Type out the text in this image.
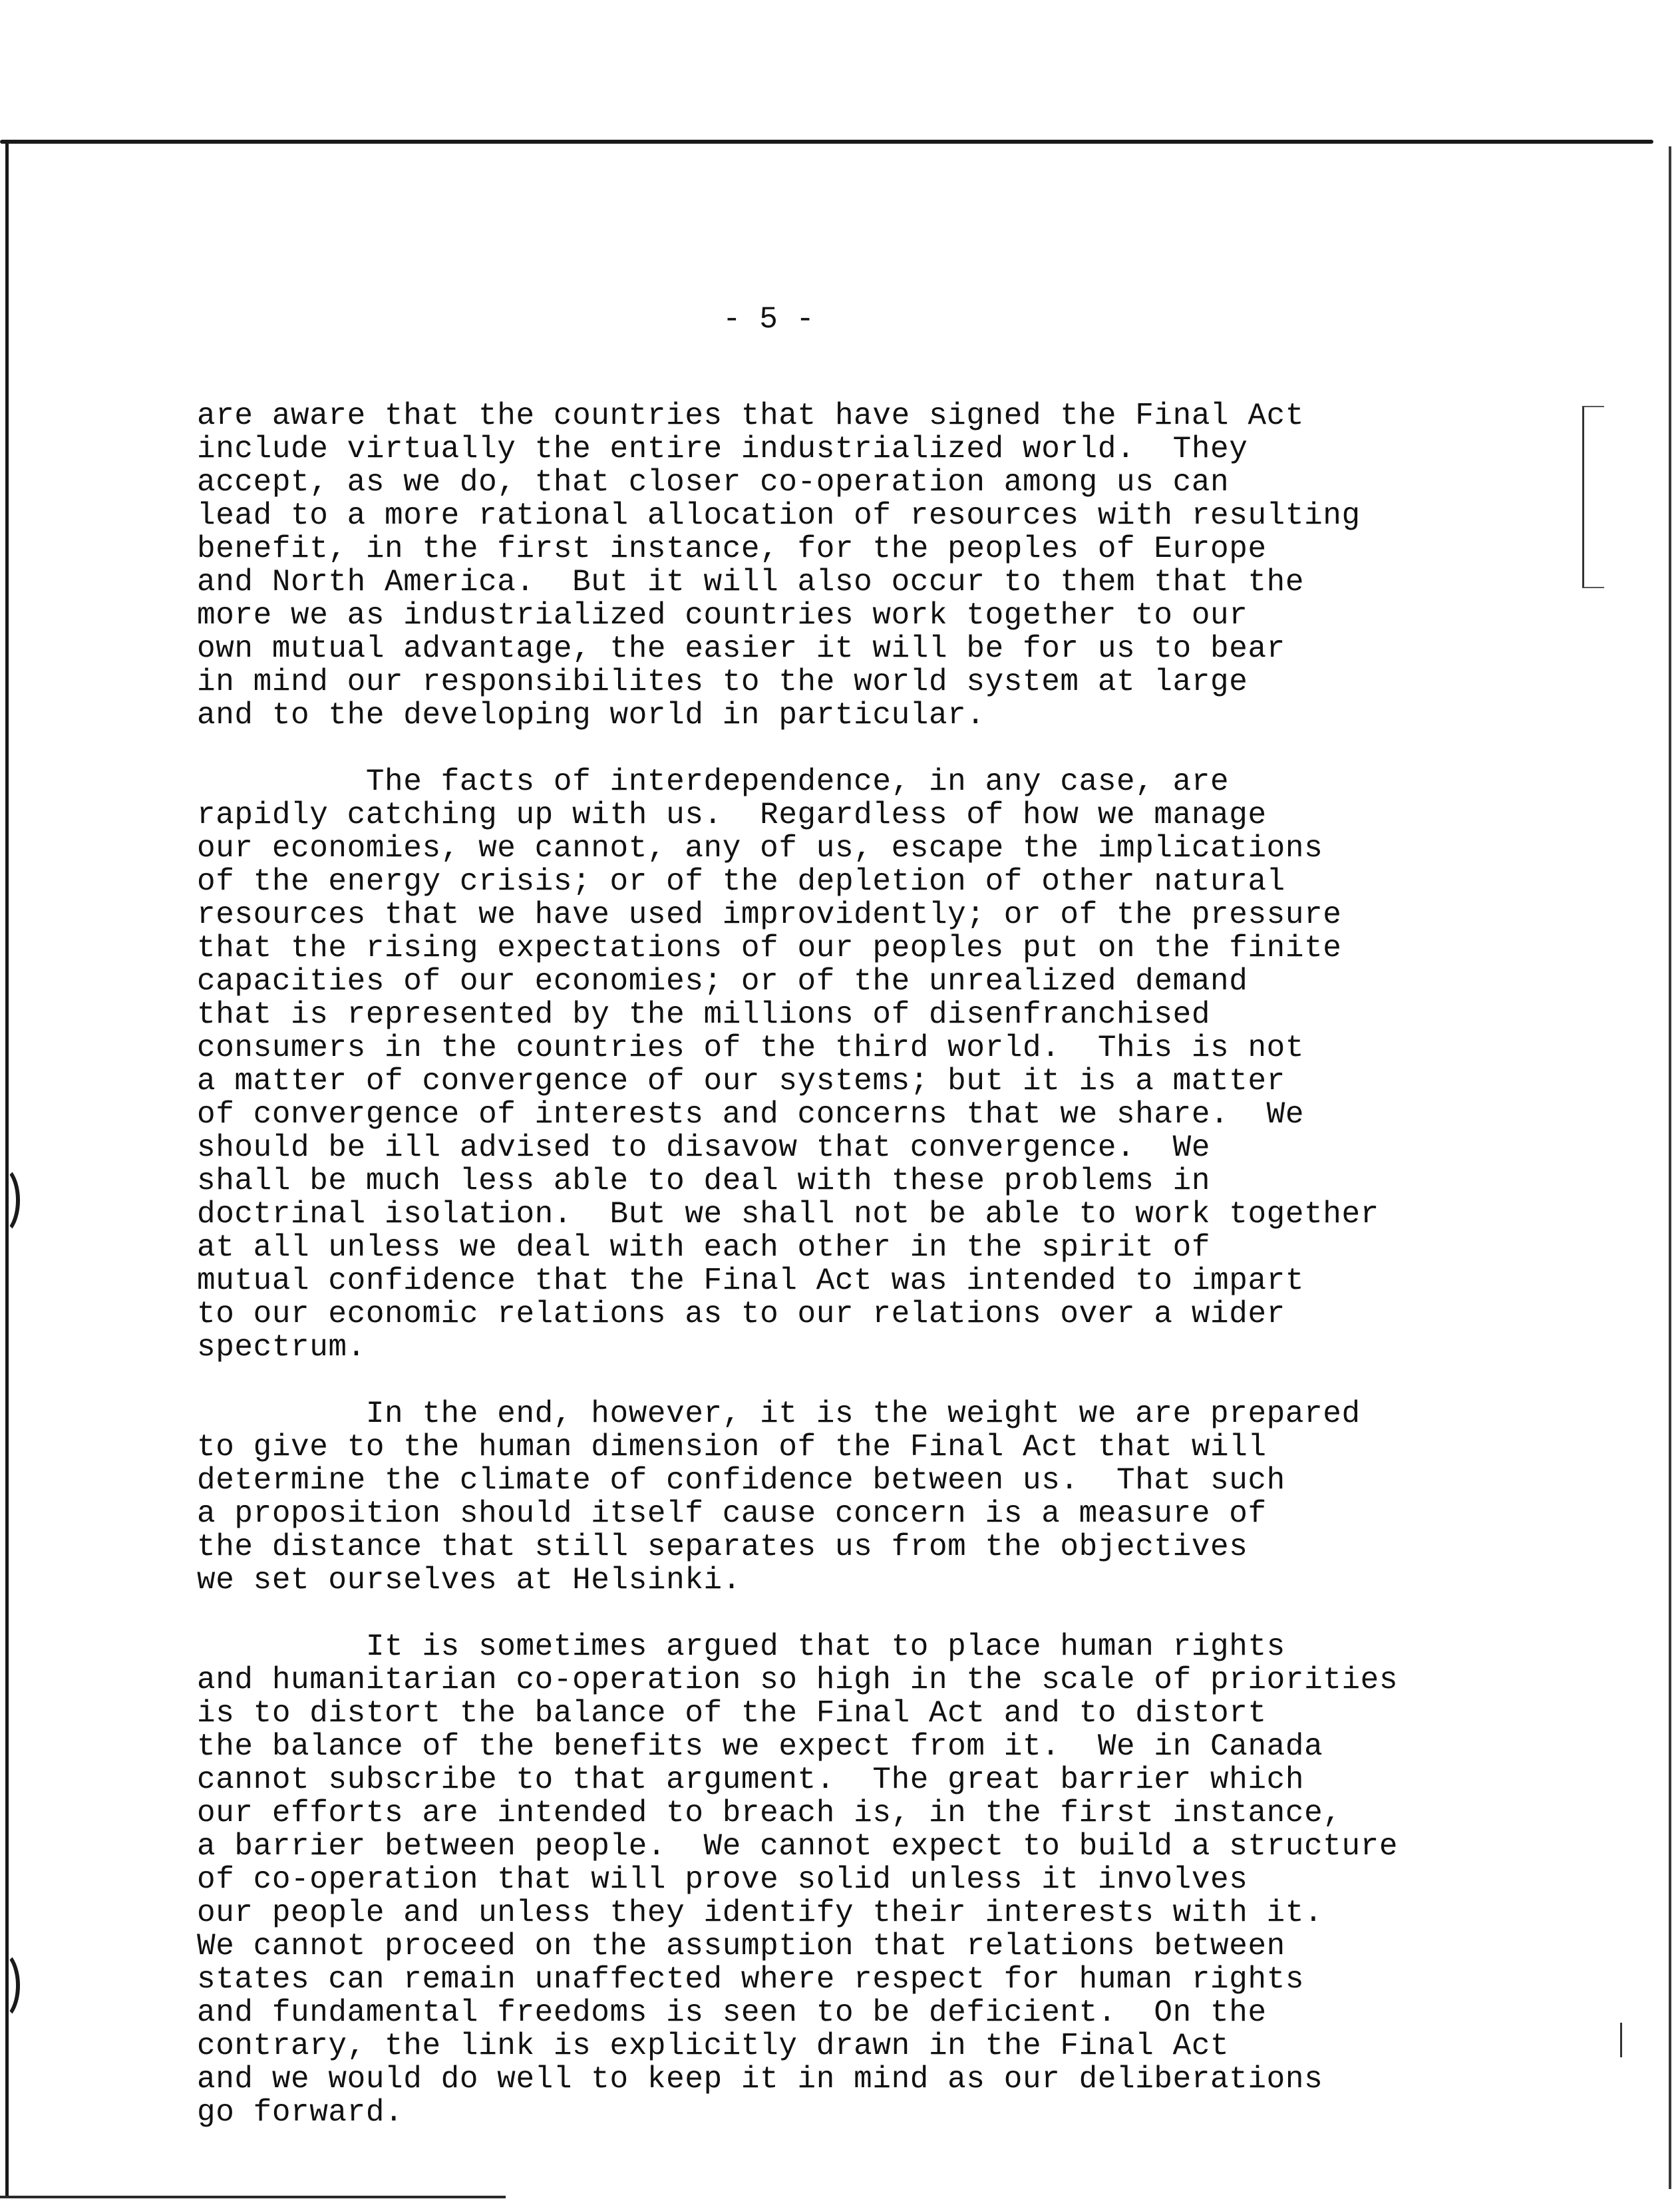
- 5 -
are aware that the countries that have signed the Final Act
include virtually the entire industrialized world.  They
accept, as we do, that closer co-operation among us can
lead to a more rational allocation of resources with resulting
benefit, in the first instance, for the peoples of Europe
and North America.  But it will also occur to them that the
more we as industrialized countries work together to our
own mutual advantage, the easier it will be for us to bear
in mind our responsibilites to the world system at large
and to the developing world in particular.
The facts of interdependence, in any case, are
rapidly catching up with us.  Regardless of how we manage
our economies, we cannot, any of us, escape the implications
of the energy crisis; or of the depletion of other natural
resources that we have used improvidently; or of the pressure
that the rising expectations of our peoples put on the finite
capacities of our economies; or of the unrealized demand
that is represented by the millions of disenfranchised
consumers in the countries of the third world.  This is not
a matter of convergence of our systems; but it is a matter
of convergence of interests and concerns that we share.  We
should be ill advised to disavow that convergence.  We
shall be much less able to deal with these problems in
doctrinal isolation.  But we shall not be able to work together
at all unless we deal with each other in the spirit of
mutual confidence that the Final Act was intended to impart
to our economic relations as to our relations over a wider
spectrum.
In the end, however, it is the weight we are prepared
to give to the human dimension of the Final Act that will
determine the climate of confidence between us.  That such
a proposition should itself cause concern is a measure of
the distance that still separates us from the objectives
we set ourselves at Helsinki.
It is sometimes argued that to place human rights
and humanitarian co-operation so high in the scale of priorities
is to distort the balance of the Final Act and to distort
the balance of the benefits we expect from it.  We in Canada
cannot subscribe to that argument.  The great barrier which
our efforts are intended to breach is, in the first instance,
a barrier between people.  We cannot expect to build a structure
of co-operation that will prove solid unless it involves
our people and unless they identify their interests with it.
We cannot proceed on the assumption that relations between
states can remain unaffected where respect for human rights
and fundamental freedoms is seen to be deficient.  On the
contrary, the link is explicitly drawn in the Final Act
and we would do well to keep it in mind as our deliberations
go forward.
